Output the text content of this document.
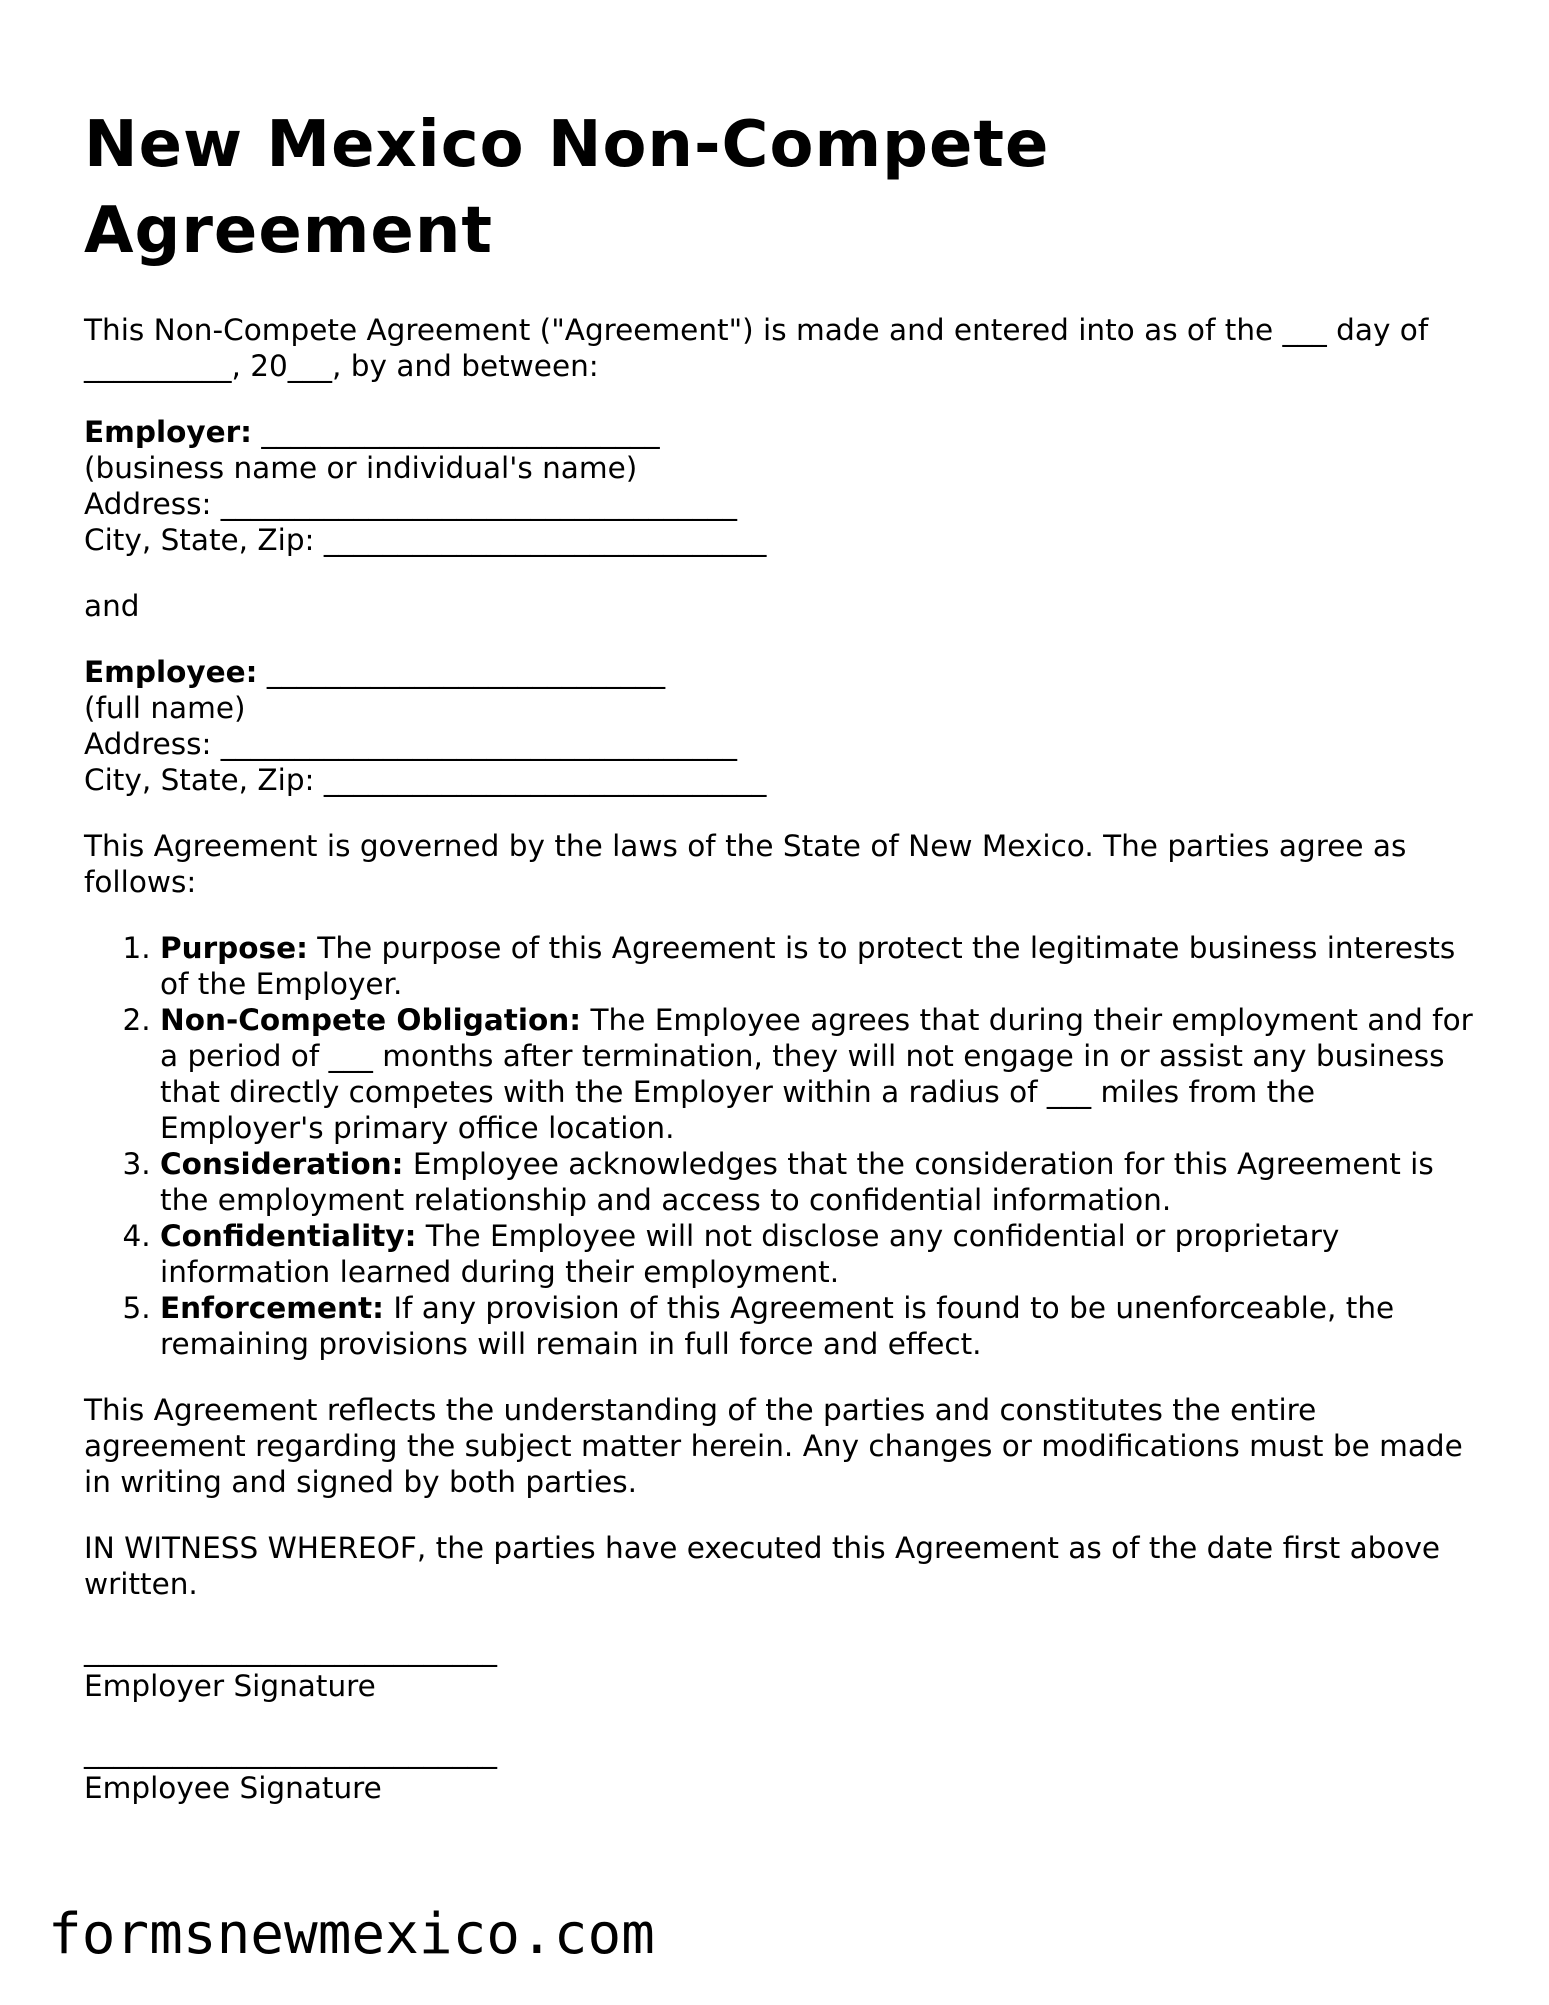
New Mexico Non-Compete Agreement

This Non-Compete Agreement ("Agreement") is made and entered into as of the ___ day of __________, 20___, by and between:

Employer: ___________________________
(business name or individual's name)
Address: ___________________________________
City, State, Zip: ______________________________

and

Employee: ___________________________
(full name)
Address: ___________________________________
City, State, Zip: ______________________________

This Agreement is governed by the laws of the State of New Mexico. The parties agree as follows:

1. Purpose: The purpose of this Agreement is to protect the legitimate business interests of the Employer.
2. Non-Compete Obligation: The Employee agrees that during their employment and for a period of ___ months after termination, they will not engage in or assist any business that directly competes with the Employer within a radius of ___ miles from the Employer's primary office location.
3. Consideration: Employee acknowledges that the consideration for this Agreement is the employment relationship and access to confidential information.
4. Confidentiality: The Employee will not disclose any confidential or proprietary information learned during their employment.
5. Enforcement: If any provision of this Agreement is found to be unenforceable, the remaining provisions will remain in full force and effect.

This Agreement reflects the understanding of the parties and constitutes the entire agreement regarding the subject matter herein. Any changes or modifications must be made in writing and signed by both parties.

IN WITNESS WHEREOF, the parties have executed this Agreement as of the date first above written.

____________________________
Employer Signature
____________________________
Employee Signature
formsnewmexico.com
